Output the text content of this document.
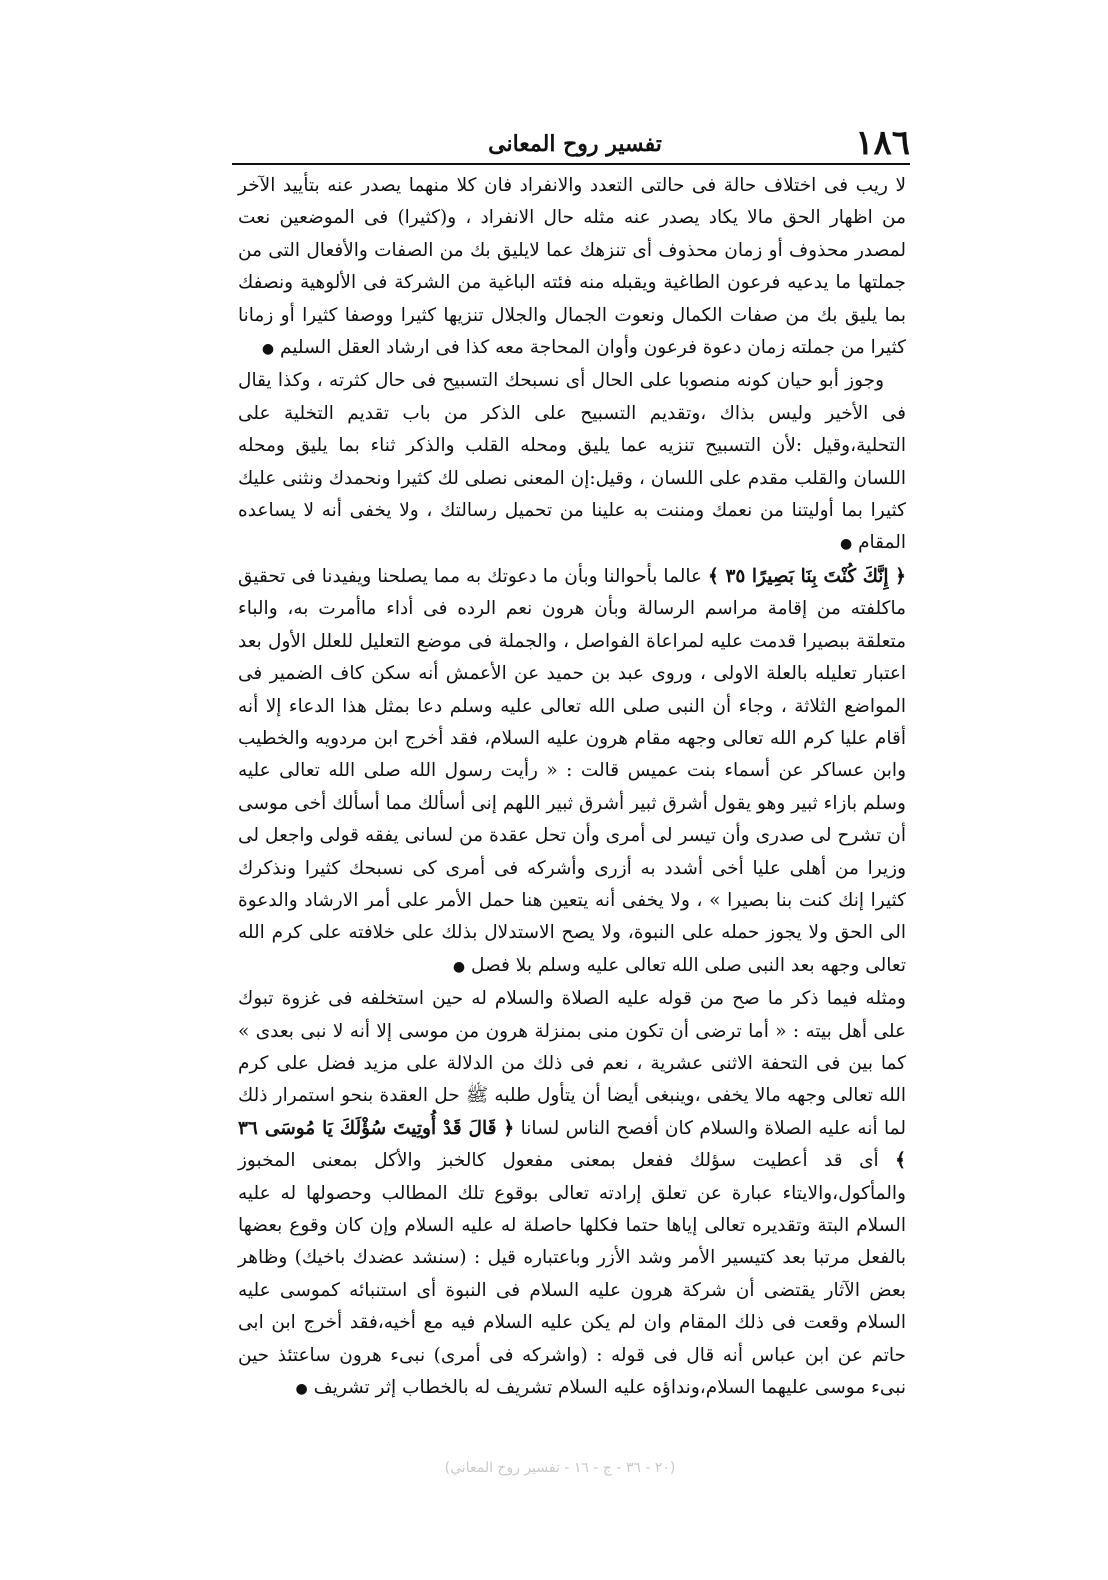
١٨٦
تفسير روح المعانى

لا ريب فى اختلاف حالة فى حالتى التعدد والانفراد فان كلا منهما يصدر عنه بتأييد الآخر من اظهار الحق مالا يكاد يصدر عنه مثله حال الانفراد ، و(كثيرا) فى الموضعين نعت لمصدر محذوف أو زمان محذوف أى تنزهك عما لايليق بك من الصفات والأفعال التى من جملتها ما يدعيه فرعون الطاغية ويقبله منه فئته الباغية من الشركة فى الألوهية ونصفك بما يليق بك من صفات الكمال ونعوت الجمال والجلال تنزيها كثيرا ووصفا كثيرا أو زمانا كثيرا من جملته زمان دعوة فرعون وأوان المحاجة معه كذا فى ارشاد العقل السليم ●

وجوز أبو حيان كونه منصوبا على الحال أى نسبحك التسبيح فى حال كثرته ، وكذا يقال فى الأخير وليس بذاك ،وتقديم التسبيح على الذكر من باب تقديم التخلية على التحلية،وقيل :لأن التسبيح تنزيه عما يليق ومحله القلب والذكر ثناء بما يليق ومحله اللسان والقلب مقدم على اللسان ، وقيل:إن المعنى نصلى لك كثيرا ونحمدك ونثنى عليك كثيرا بما أوليتنا من نعمك ومننت به علينا من تحميل رسالتك ، ولا يخفى أنه لا يساعده المقام ●

﴿ إِنَّكَ كُنْتَ بِنَا بَصِيرًا ٣٥ ﴾ عالما بأحوالنا وبأن ما دعوتك به مما يصلحنا ويفيدنا فى تحقيق ماكلفته من إقامة مراسم الرسالة وبأن هرون نعم الرده فى أداء ماأمرت به، والباء متعلقة ببصيرا قدمت عليه لمراعاة الفواصل ، والجملة فى موضع التعليل للعلل الأول بعد اعتبار تعليله بالعلة الاولى ، وروى عبد بن حميد عن الأعمش أنه سكن كاف الضمير فى المواضع الثلاثة ، وجاء أن النبى صلى الله تعالى عليه وسلم دعا بمثل هذا الدعاء إلا أنه أقام عليا كرم الله تعالى وجهه مقام هرون عليه السلام، فقد أخرج ابن مردويه والخطيب وابن عساكر عن أسماء بنت عميس قالت : « رأيت رسول الله صلى الله تعالى عليه وسلم بازاء ثبير وهو يقول أشرق ثبير أشرق ثبير اللهم إنى أسألك مما أسألك أخى موسى أن تشرح لى صدرى وأن تيسر لى أمرى وأن تحل عقدة من لسانى يفقه قولى واجعل لى وزيرا من أهلى عليا أخى أشدد به أزرى وأشركه فى أمرى كى نسبحك كثيرا ونذكرك كثيرا إنك كنت بنا بصيرا » ، ولا يخفى أنه يتعين هنا حمل الأمر على أمر الارشاد والدعوة الى الحق ولا يجوز حمله على النبوة، ولا يصح الاستدلال بذلك على خلافته على كرم الله تعالى وجهه بعد النبى صلى الله تعالى عليه وسلم بلا فصل ●

ومثله فيما ذكر ما صح من قوله عليه الصلاة والسلام له حين استخلفه فى غزوة تبوك على أهل بيته : « أما ترضى أن تكون منى بمنزلة هرون من موسى إلا أنه لا نبى بعدى » كما بين فى التحفة الاثنى عشرية ، نعم فى ذلك من الدلالة على مزيد فضل على كرم الله تعالى وجهه مالا يخفى ،وينبغى أيضا أن يتأول طلبه ﷺ حل العقدة بنحو استمرار ذلك لما أنه عليه الصلاة والسلام كان أفصح الناس لسانا ﴿ قَالَ قَدْ أُوتِيتَ سُؤْلَكَ يَا مُوسَى ٣٦ ﴾ أى قد أعطيت سؤلك ففعل بمعنى مفعول كالخبز والأكل بمعنى المخبوز والمأكول،والايتاء عبارة عن تعلق إرادته تعالى بوقوع تلك المطالب وحصولها له عليه السلام البتة وتقديره تعالى إياها حتما فكلها حاصلة له عليه السلام وإن كان وقوع بعضها بالفعل مرتبا بعد كتيسير الأمر وشد الأزر وباعتباره قيل : (سنشد عضدك باخيك) وظاهر بعض الآثار يقتضى أن شركة هرون عليه السلام فى النبوة أى استنبائه كموسى عليه السلام وقعت فى ذلك المقام وان لم يكن عليه السلام فيه مع أخيه،فقد أخرج ابن ابى حاتم عن ابن عباس أنه قال فى قوله : (واشركه فى أمرى) نبىء هرون ساعتئذ حين نبىء موسى عليهما السلام،ونداؤه عليه السلام تشريف له بالخطاب إثر تشريف ●

(٢٠ - ٣٦ - ج - ١٦ - تفسير روح المعاني)
